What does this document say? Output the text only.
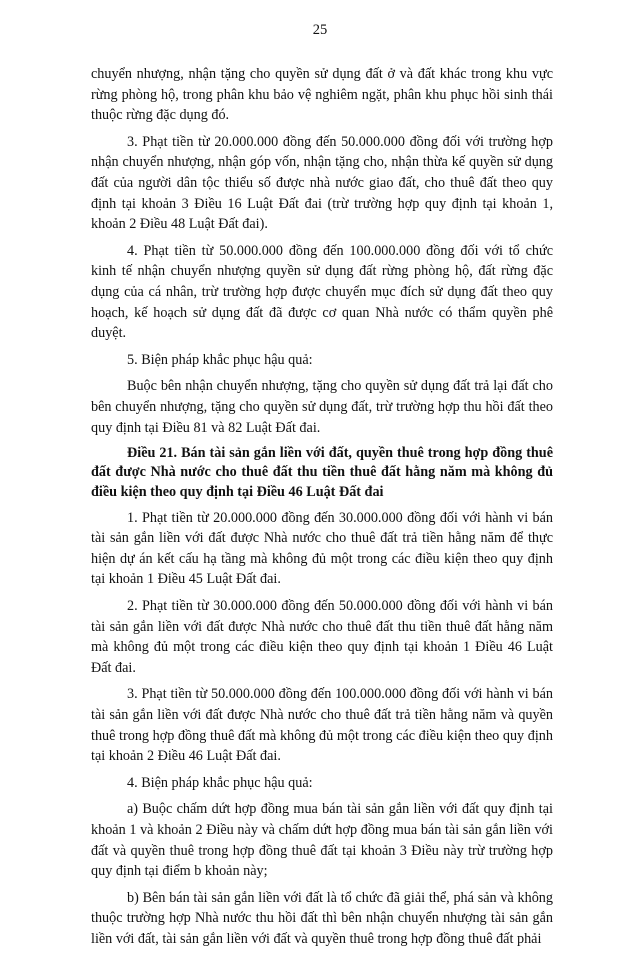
25

chuyển nhượng, nhận tặng cho quyền sử dụng đất ở và đất khác trong khu vực rừng phòng hộ, trong phân khu bảo vệ nghiêm ngặt, phân khu phục hồi sinh thái thuộc rừng đặc dụng đó.

3. Phạt tiền từ 20.000.000 đồng đến 50.000.000 đồng đối với trường hợp nhận chuyển nhượng, nhận góp vốn, nhận tặng cho, nhận thừa kế quyền sử dụng đất của người dân tộc thiểu số được nhà nước giao đất, cho thuê đất theo quy định tại khoản 3 Điều 16 Luật Đất đai (trừ trường hợp quy định tại khoản 1, khoản 2 Điều 48 Luật Đất đai).

4. Phạt tiền từ 50.000.000 đồng đến 100.000.000 đồng đối với tổ chức kinh tế nhận chuyển nhượng quyền sử dụng đất rừng phòng hộ, đất rừng đặc dụng của cá nhân, trừ trường hợp được chuyển mục đích sử dụng đất theo quy hoạch, kế hoạch sử dụng đất đã được cơ quan Nhà nước có thẩm quyền phê duyệt.

5. Biện pháp khắc phục hậu quả:

Buộc bên nhận chuyển nhượng, tặng cho quyền sử dụng đất trả lại đất cho bên chuyển nhượng, tặng cho quyền sử dụng đất, trừ trường hợp thu hồi đất theo quy định tại Điều 81 và 82 Luật Đất đai.

Điều 21. Bán tài sản gắn liền với đất, quyền thuê trong hợp đồng thuê đất được Nhà nước cho thuê đất thu tiền thuê đất hằng năm mà không đủ điều kiện theo quy định tại Điều 46 Luật Đất đai

1. Phạt tiền từ 20.000.000 đồng đến 30.000.000 đồng đối với hành vi bán tài sản gắn liền với đất được Nhà nước cho thuê đất trả tiền hằng năm để thực hiện dự án kết cấu hạ tầng mà không đủ một trong các điều kiện theo quy định tại khoản 1 Điều 45 Luật Đất đai.

2. Phạt tiền từ 30.000.000 đồng đến 50.000.000 đồng đối với hành vi bán tài sản gắn liền với đất được Nhà nước cho thuê đất thu tiền thuê đất hằng năm mà không đủ một trong các điều kiện theo quy định tại khoản 1 Điều 46 Luật Đất đai.

3. Phạt tiền từ 50.000.000 đồng đến 100.000.000 đồng đối với hành vi bán tài sản gắn liền với đất được Nhà nước cho thuê đất trả tiền hằng năm và quyền thuê trong hợp đồng thuê đất mà không đủ một trong các điều kiện theo quy định tại khoản 2 Điều 46 Luật Đất đai.

4. Biện pháp khắc phục hậu quả:

a) Buộc chấm dứt hợp đồng mua bán tài sản gắn liền với đất quy định tại khoản 1 và khoản 2 Điều này và chấm dứt hợp đồng mua bán tài sản gắn liền với đất và quyền thuê trong hợp đồng thuê đất tại khoản 3 Điều này trừ trường hợp quy định tại điểm b khoản này;

b) Bên bán tài sản gắn liền với đất là tổ chức đã giải thể, phá sản và không thuộc trường hợp Nhà nước thu hồi đất thì bên nhận chuyển nhượng tài sản gắn liền với đất, tài sản gắn liền với đất và quyền thuê trong hợp đồng thuê đất phải
